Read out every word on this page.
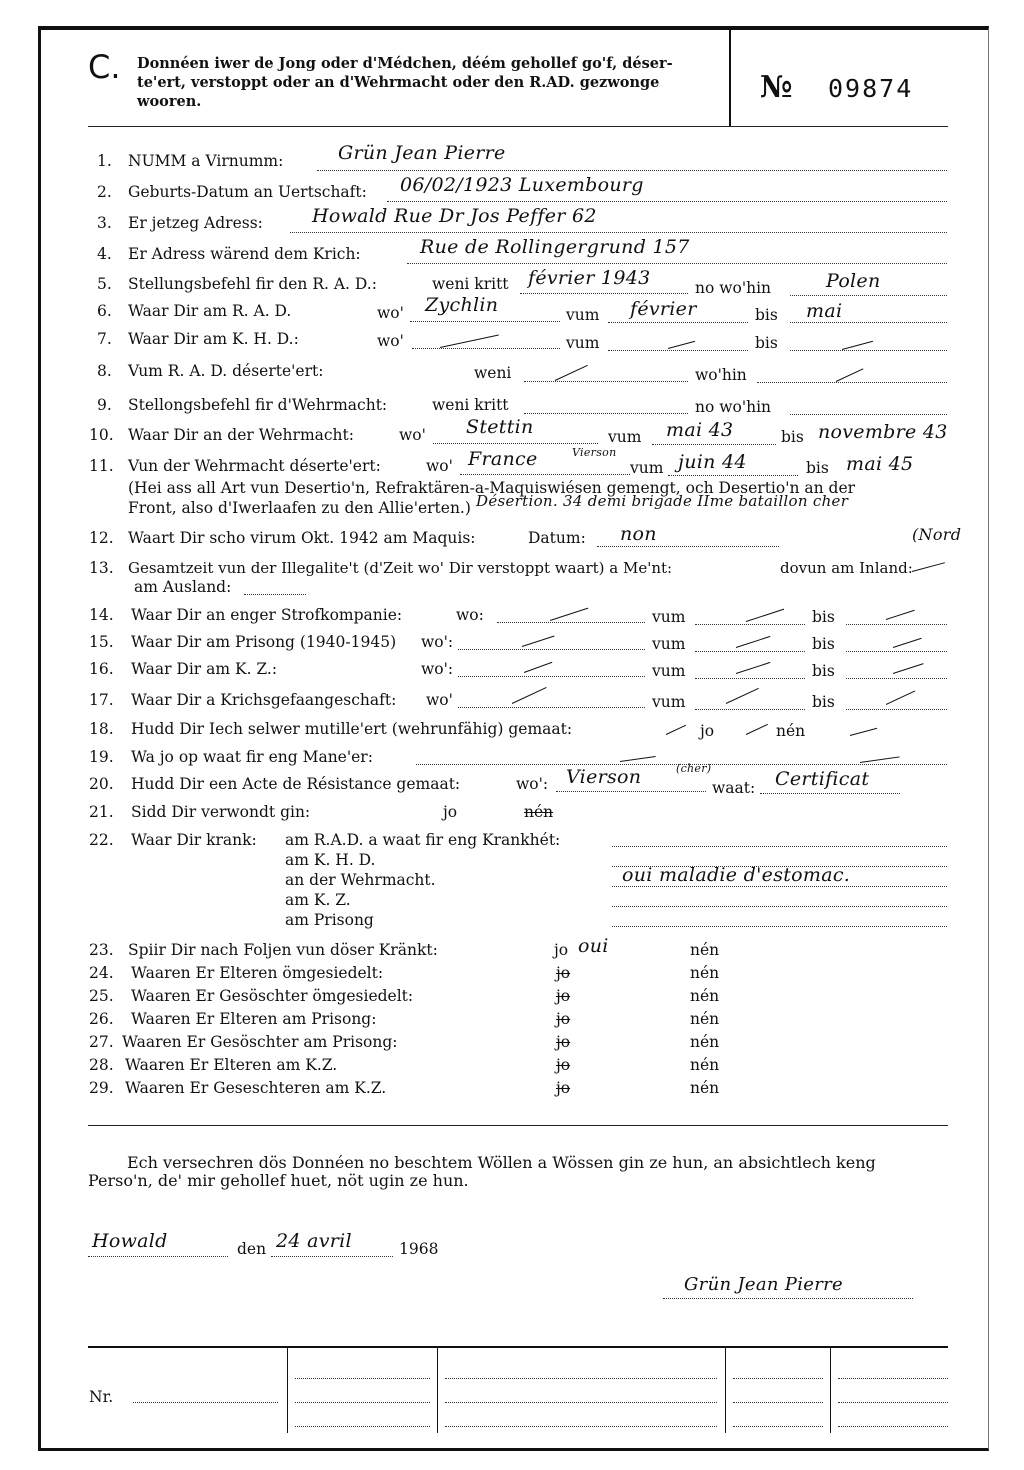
C. Donnéen iwer de Jong oder d'Médchen, déém gehollef go'f, déser-
te'ert, verstoppt oder an d'Wehrmacht oder den R.AD. gezwonge
wooren.	№ 09874
1. NUMM a Virnumm:	Grün Jean Pierre
2. Geburts-Datum an Uertschaft: 06/02/1923 Luxembourg
3. Er jetzeg Adress:	Howald Rue Dr Jos Peffer 62
4. Er Adress wärend dem Krich:	Rue de Rollingergrund 157
5. Stellungsbefehl fir den R. A. D.:	weni kritt février 1943	no wo'hin	Polen
6. Waar Dir am R. A. D.	wo' Zychlin	vum février	bis mai
7. Waar Dir am K. H. D.:	wo'	vum	bis
8. Vum R. A. D. déserte'ert:	weni	wo'hin
9. Stellongsbefehl fir d'Wehrmacht:	weni kritt	no wo'hin
10. Waar Dir an der Wehrmacht:	wo' Stettin	vum mai 43	bis novembre 43
11. Vun der Wehrmacht déserte'ert:	wo' France	Vierson
vum juin 44	bis mai 45
(Hei ass all Art vun Desertio'n, Refraktären-a-Maquiswiésen gemengt, och Desertio'n an der
Front, also d'Iwerlaafen zu den Allie'erten.) Désertion. 34 demi brigade IIme bataillon cher
12. Waart Dir scho virum Okt. 1942 am Maquis:	Datum: non	(Nord
13. Gesamtzeit vun der Illegalite't (d'Zeit wo' Dir verstoppt waart) a Me'nt:	dovun am Inland:
am Ausland:
14. Waar Dir an enger Strofkompanie:	wo:	vum	bis
15. Waar Dir am Prisong (1940-1945) wo':	vum	bis
16. Waar Dir am K. Z.:	wo':	vum	bis
17. Waar Dir a Krichsgefaangeschaft: wo'	vum	bis
18. Hudd Dir Iech selwer mutille'ert (wehrunfähig) gemaat:	jo	nén
19. Wa jo op waat fir eng Mane'er:
20. Hudd Dir een Acte de Résistance gemaat:	wo': Vierson	(cher)
waat: Certificat
21. Sidd Dir verwondt gin:	jo	nén
22. Waar Dir krank: am R.A.D. a waat fir eng Krankhét:
am K. H. D.
an der Wehrmacht.	oui maladie d'estomac.
am K. Z.
am Prisong
23. Spiir Dir nach Foljen vun döser Kränkt:	jo oui	nén
24. Waaren Er Elteren ömgesiedelt:	jo	nén
25. Waaren Er Gesöschter ömgesiedelt:	jo	nén
26. Waaren Er Elteren am Prisong:	jo	nén
27. Waaren Er Gesöschter am Prisong:	jo	nén
28. Waaren Er Elteren am K.Z.	jo	nén
29. Waaren Er Geseschteren am K.Z.	jo	nén
Ech versechren dös Donnéen no beschtem Wöllen a Wössen gin ze hun, an absichtlech keng
Perso'n, de' mir gehollef huet, nöt ugin ze hun.
Howald	den 24 avril	1968
Grün Jean Pierre
Nr.
